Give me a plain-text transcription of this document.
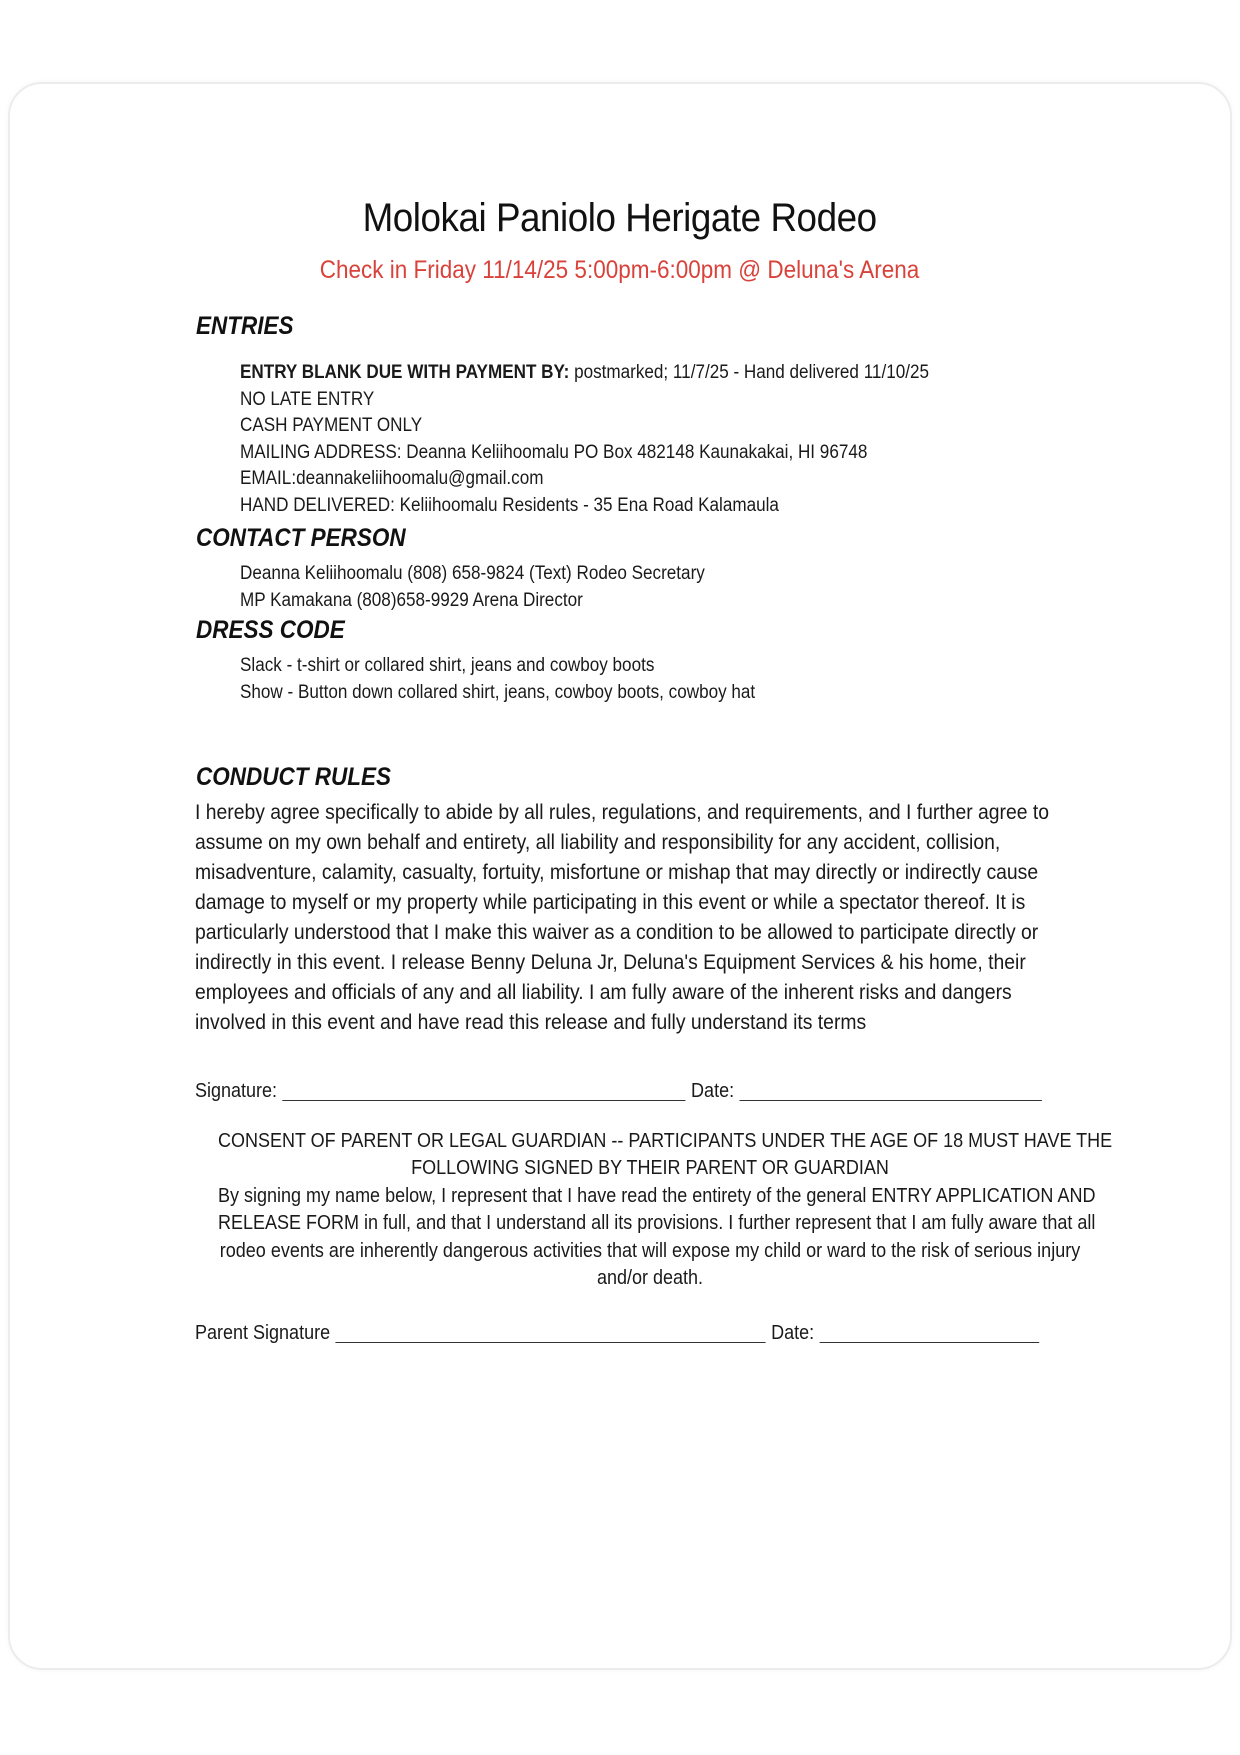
Molokai Paniolo Herigate Rodeo
Check in Friday 11/14/25 5:00pm-6:00pm @ Deluna's Arena
ENTRIES
ENTRY BLANK DUE WITH PAYMENT BY: postmarked; 11/7/25 - Hand delivered 11/10/25
NO LATE ENTRY
CASH PAYMENT ONLY
MAILING ADDRESS: Deanna Keliihoomalu PO Box 482148 Kaunakakai, HI 96748
EMAIL:deannakeliihoomalu@gmail.com
HAND DELIVERED: Keliihoomalu Residents - 35 Ena Road Kalamaula
CONTACT PERSON
Deanna Keliihoomalu (808) 658-9824 (Text) Rodeo Secretary
MP Kamakana (808)658-9929 Arena Director
DRESS CODE
Slack - t-shirt or collared shirt, jeans and cowboy boots
Show - Button down collared shirt, jeans, cowboy boots, cowboy hat
CONDUCT RULES

I hereby agree specifically to abide by all rules, regulations, and requirements, and I further agree to
assume on my own behalf and entirety, all liability and responsibility for any accident, collision,
misadventure, calamity, casualty, fortuity, misfortune or mishap that may directly or indirectly cause
damage to myself or my property while participating in this event or while a spectator thereof. It is
particularly understood that I make this waiver as a condition to be allowed to participate directly or
indirectly in this event. I release Benny Deluna Jr, Deluna's Equipment Services & his home, their
employees and officials of any and all liability. I am fully aware of the inherent risks and dangers
involved in this event and have read this release and fully understand its terms

Signature:	Date:
CONSENT OF PARENT OR LEGAL GUARDIAN -- PARTICIPANTS UNDER THE AGE OF 18 MUST HAVE THE
FOLLOWING SIGNED BY THEIR PARENT OR GUARDIAN
By signing my name below, I represent that I have read the entirety of the general ENTRY APPLICATION AND
RELEASE FORM in full, and that I understand all its provisions. I further represent that I am fully aware that all
rodeo events are inherently dangerous activities that will expose my child or ward to the risk of serious injury
and/or death.
Parent Signature	Date:
